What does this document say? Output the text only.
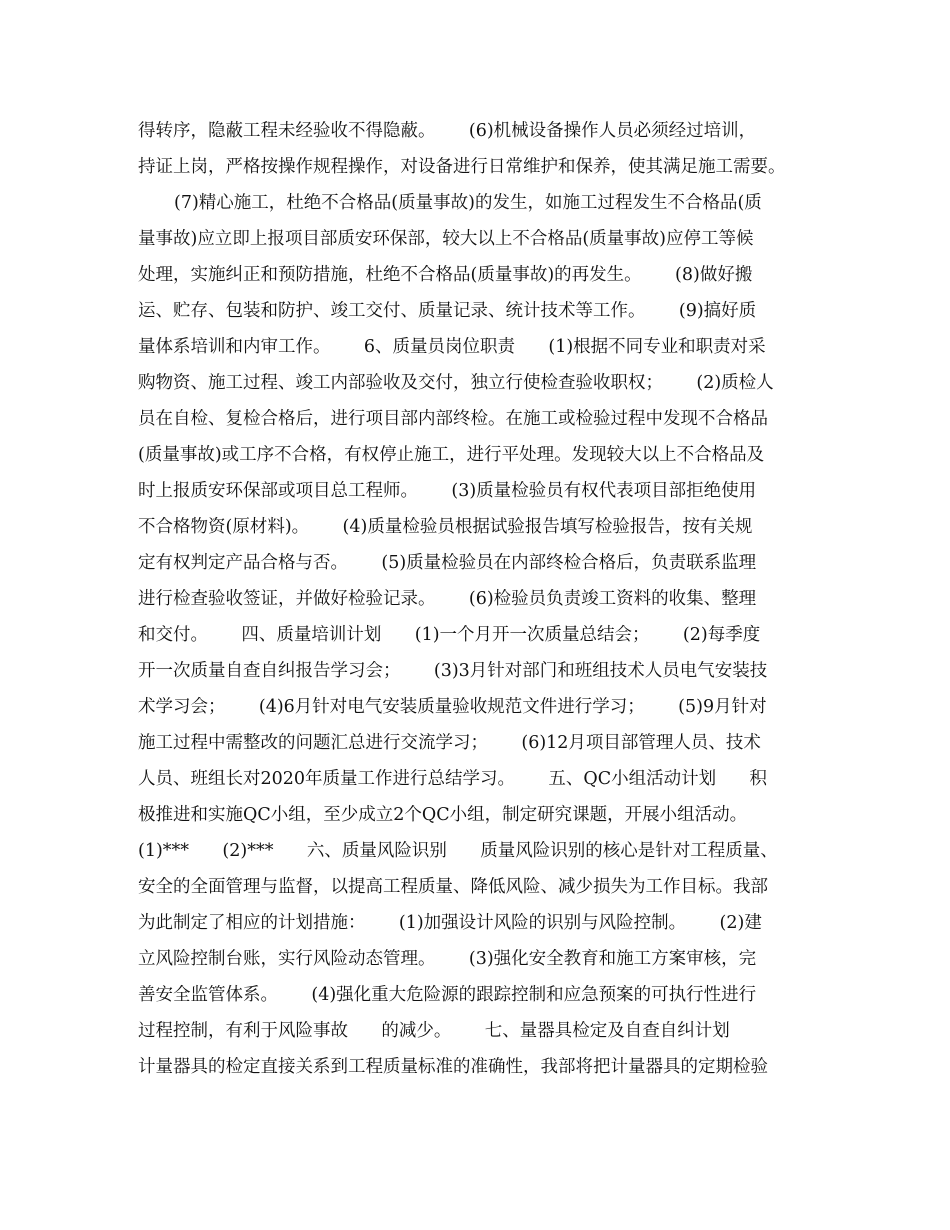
得转序，隐蔽工程未经验收不得隐蔽。      (6)机械设备操作人员必须经过培训，
持证上岗，严格按操作规程操作，对设备进行日常维护和保养，使其满足施工需要。
(7)精心施工，杜绝不合格品(质量事故)的发生，如施工过程发生不合格品(质
量事故)应立即上报项目部质安环保部，较大以上不合格品(质量事故)应停工等候
处理，实施纠正和预防措施，杜绝不合格品(质量事故)的再发生。      (8)做好搬
运、贮存、包装和防护、竣工交付、质量记录、统计技术等工作。      (9)搞好质
量体系培训和内审工作。      6、质量员岗位职责      (1)根据不同专业和职责对采
购物资、施工过程、竣工内部验收及交付，独立行使检查验收职权；      (2)质检人
员在自检、复检合格后，进行项目部内部终检。在施工或检验过程中发现不合格品
(质量事故)或工序不合格，有权停止施工，进行平处理。发现较大以上不合格品及
时上报质安环保部或项目总工程师。      (3)质量检验员有权代表项目部拒绝使用
不合格物资(原材料)。      (4)质量检验员根据试验报告填写检验报告，按有关规
定有权判定产品合格与否。      (5)质量检验员在内部终检合格后，负责联系监理
进行检查验收签证，并做好检验记录。      (6)检验员负责竣工资料的收集、整理
和交付。      四、质量培训计划      (1)一个月开一次质量总结会；      (2)每季度
开一次质量自查自纠报告学习会；      (3)3月针对部门和班组技术人员电气安装技
术学习会；      (4)6月针对电气安装质量验收规范文件进行学习；      (5)9月针对
施工过程中需整改的问题汇总进行交流学习；      (6)12月项目部管理人员、技术
人员、班组长对2020年质量工作进行总结学习。      五、QC小组活动计划      积
极推进和实施QC小组，至少成立2个QC小组，制定研究课题，开展小组活动。
(1)***      (2)***      六、质量风险识别      质量风险识别的核心是针对工程质量、
安全的全面管理与监督，以提高工程质量、降低风险、减少损失为工作目标。我部
为此制定了相应的计划措施：      (1)加强设计风险的识别与风险控制。      (2)建
立风险控制台账，实行风险动态管理。      (3)强化安全教育和施工方案审核，完
善安全监管体系。      (4)强化重大危险源的跟踪控制和应急预案的可执行性进行
过程控制，有利于风险事故      的减少。      七、量器具检定及自查自纠计划
计量器具的检定直接关系到工程质量标准的准确性，我部将把计量器具的定期检验
